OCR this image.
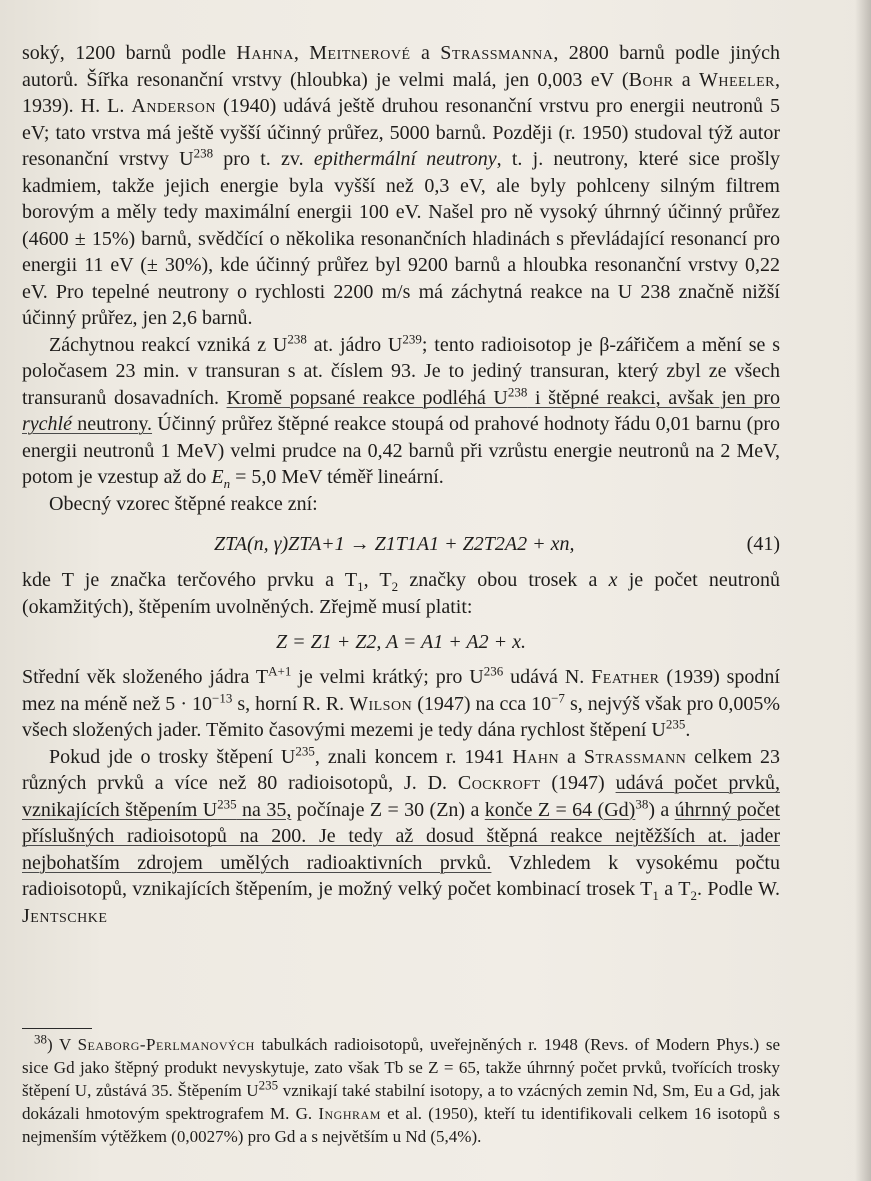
soký, 1200 barnů podle Hahna, Meitnerové a Strassmanna, 2800 barnů podle jiných autorů. Šířka resonanční vrstvy (hloubka) je velmi malá, jen 0,003 eV (Bohr a Wheeler, 1939). H. L. Anderson (1940) udává ještě druhou resonanční vrstvu pro energii neutronů 5 eV; tato vrstva má ještě vyšší účinný průřez, 5000 barnů. Později (r. 1950) studoval týž autor resonanční vrstvy $U^{238}$ pro t. zv. epithermální neutrony, t. j. neutrony, které sice prošly kadmiem, takže jejich energie byla vyšší než 0,3 eV, ale byly pohlceny silným filtrem borovým a měly tedy maximální energii 100 eV. Našel pro ně vysoký úhrnný účinný průřez (4600 ± 15%) barnů, svědčící o několika resonančních hladinách s převládající resonancí pro energii 11 eV (± 30%), kde účinný průřez byl 9200 barnů a hloubka resonanční vrstvy 0,22 eV. Pro tepelné neutrony o rychlosti 2200 m/s má záchytná reakce na U 238 značně nižší účinný průřez, jen 2,6 barnů.

Záchytnou reakcí vzniká z $U^{238}$ at. jádro $U^{239}$; tento radioisotop je β-zářičem a mění se s poločasem 23 min. v transuran s at. číslem 93. Je to jediný transuran, který zbyl ze všech transuranů dosavadních. Kromě popsané reakce podléhá $U^{238}$ i štěpné reakci, avšak jen pro rychlé neutrony. Účinný průřez štěpné reakce stoupá od prahové hodnoty řádu 0,01 barnu (pro energii neutronů 1 MeV) velmi prudce na 0,42 barnů při vzrůstu energie neutronů na 2 MeV, potom je vzestup až do $E_n = 5,0$ MeV téměř lineární.

Obecný vzorec štěpné reakce zní:

ZTA(n, γ)ZTA+1 → Z1T1A1 + Z2T2A2 + xn,	(41)

kde T je značka terčového prvku a $T_1$, $T_2$ značky obou trosek a x je počet neutronů (okamžitých), štěpením uvolněných. Zřejmě musí platit:

Z = Z1 + Z2, A = A1 + A2 + x.

Střední věk složeného jádra $T^{A+1}$ je velmi krátký; pro $U^{236}$ udává N. Feather (1939) spodní mez na méně než $5 \cdot 10^{-13}$ s, horní R. R. Wilson (1947) na cca $10^{-7}$ s, nejvýš však pro 0,005% všech složených jader. Těmito časovými mezemi je tedy dána rychlost štěpení $U^{235}$.

Pokud jde o trosky štěpení $U^{235}$, znali koncem r. 1941 Hahn a Strassmann celkem 23 různých prvků a více než 80 radioisotopů, J. D. Cockroft (1947) udává počet prvků, vznikajících štěpením $U^{235}$ na 35, počínaje Z = 30 (Zn) a konče Z = 64 $(Gd)^{38}$) a úhrnný počet příslušných radioisotopů na 200. Je tedy až dosud štěpná reakce nejtěžších at. jader nejbohatším zdrojem umělých radioaktivních prvků. Vzhledem k vysokému počtu radioisotopů, vznikajících štěpením, je možný velký počet kombinací trosek $T_1$ a $T_2$. Podle W. Jentschke

$^{38}$) V Seaborg-Perlmanových tabulkách radioisotopů, uveřejněných r. 1948 (Revs. of Modern Phys.) se sice Gd jako štěpný produkt nevyskytuje, zato však Tb se Z = 65, takže úhrnný počet prvků, tvořících trosky štěpení U, zůstává 35. Štěpením $U^{235}$ vznikají také stabilní isotopy, a to vzácných zemin Nd, Sm, Eu a Gd, jak dokázali hmotovým spektrografem M. G. Inghram et al. (1950), kteří tu identifikovali celkem 16 isotopů s nejmenším výtěžkem (0,0027%) pro Gd a s největším u Nd (5,4%).
